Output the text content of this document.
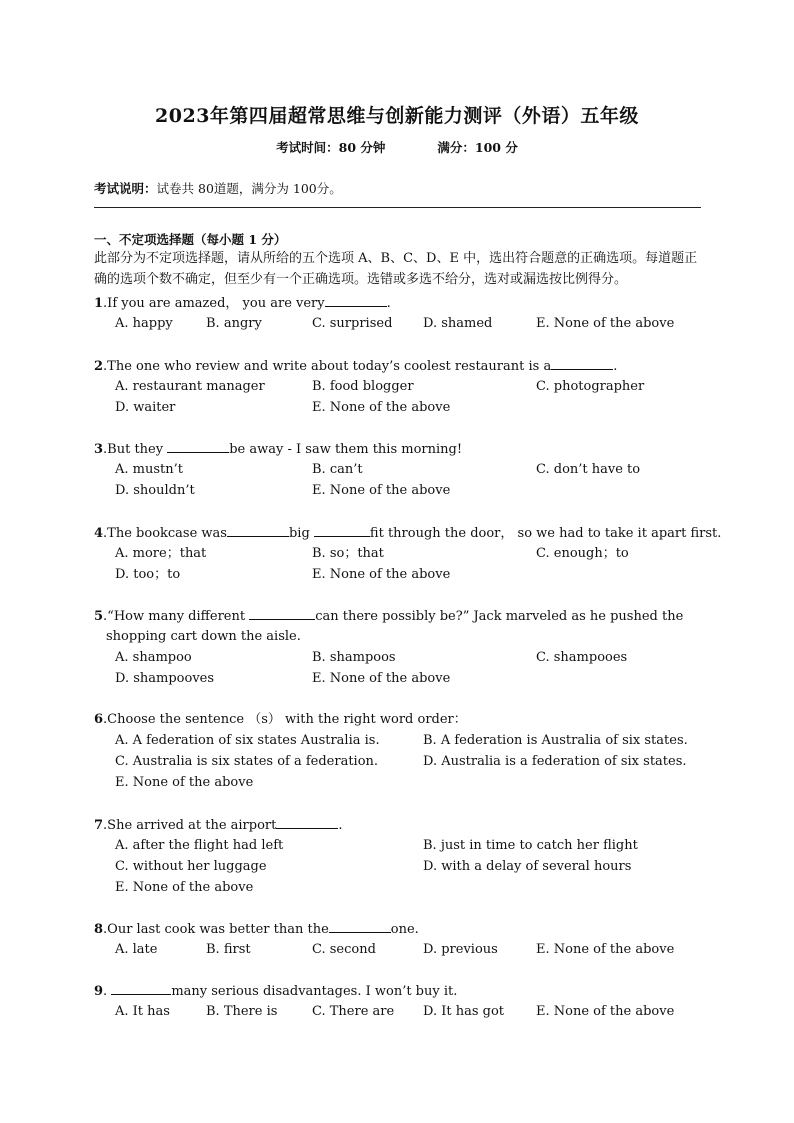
2023年第四届超常思维与创新能力测评（外语）五年级
考试时间：80 分钟	满分：100 分
考试说明：试卷共 80道题，满分为 100分。
一、不定项选择题（每小题 1 分）
此部分为不定项选择题，请从所给的五个选项 A、B、C、D、E 中，选出符合题意的正确选项。每道题正确的选项个数不确定，但至少有一个正确选项。选错或多选不给分，选对或漏选按比例得分。
1.If you are amazed， you are very	.
A. happy	B. angry	C. surprised D. shamed	E. None of the above
2.The one who review and write about today’s coolest restaurant is a	.
A. restaurant manager	B. food blogger	C. photographer
D. waiter	E. None of the above
3.But they	be away - I saw them this morning!
A. mustn’t	B. can’t	C. don’t have to
D. shouldn’t	E. None of the above
4.The bookcase was	big	fit through the door， so we had to take it apart first.
A. more；that	B. so；that	C. enough；to
D. too；to	E. None of the above
5.“How many different	can there possibly be?” Jack marveled as he pushed the
shopping cart down the aisle.
A. shampoo	B. shampoos	C. shampooes
D. shampooves	E. None of the above
6.Choose the sentence （s） with the right word order：
A. A federation of six states Australia is.	B. A federation is Australia of six states.
C. Australia is six states of a federation.	D. Australia is a federation of six states.
E. None of the above
7.She arrived at the airport	.
A. after the flight had left	B. just in time to catch her flight
C. without her luggage	D. with a delay of several hours
E. None of the above
8.Our last cook was better than the	one.
A. late	B. first	C. second	D. previous	E. None of the above
9.	many serious disadvantages. I won’t buy it.
A. It has	B. There is	C. There are D. It has got E. None of the above
